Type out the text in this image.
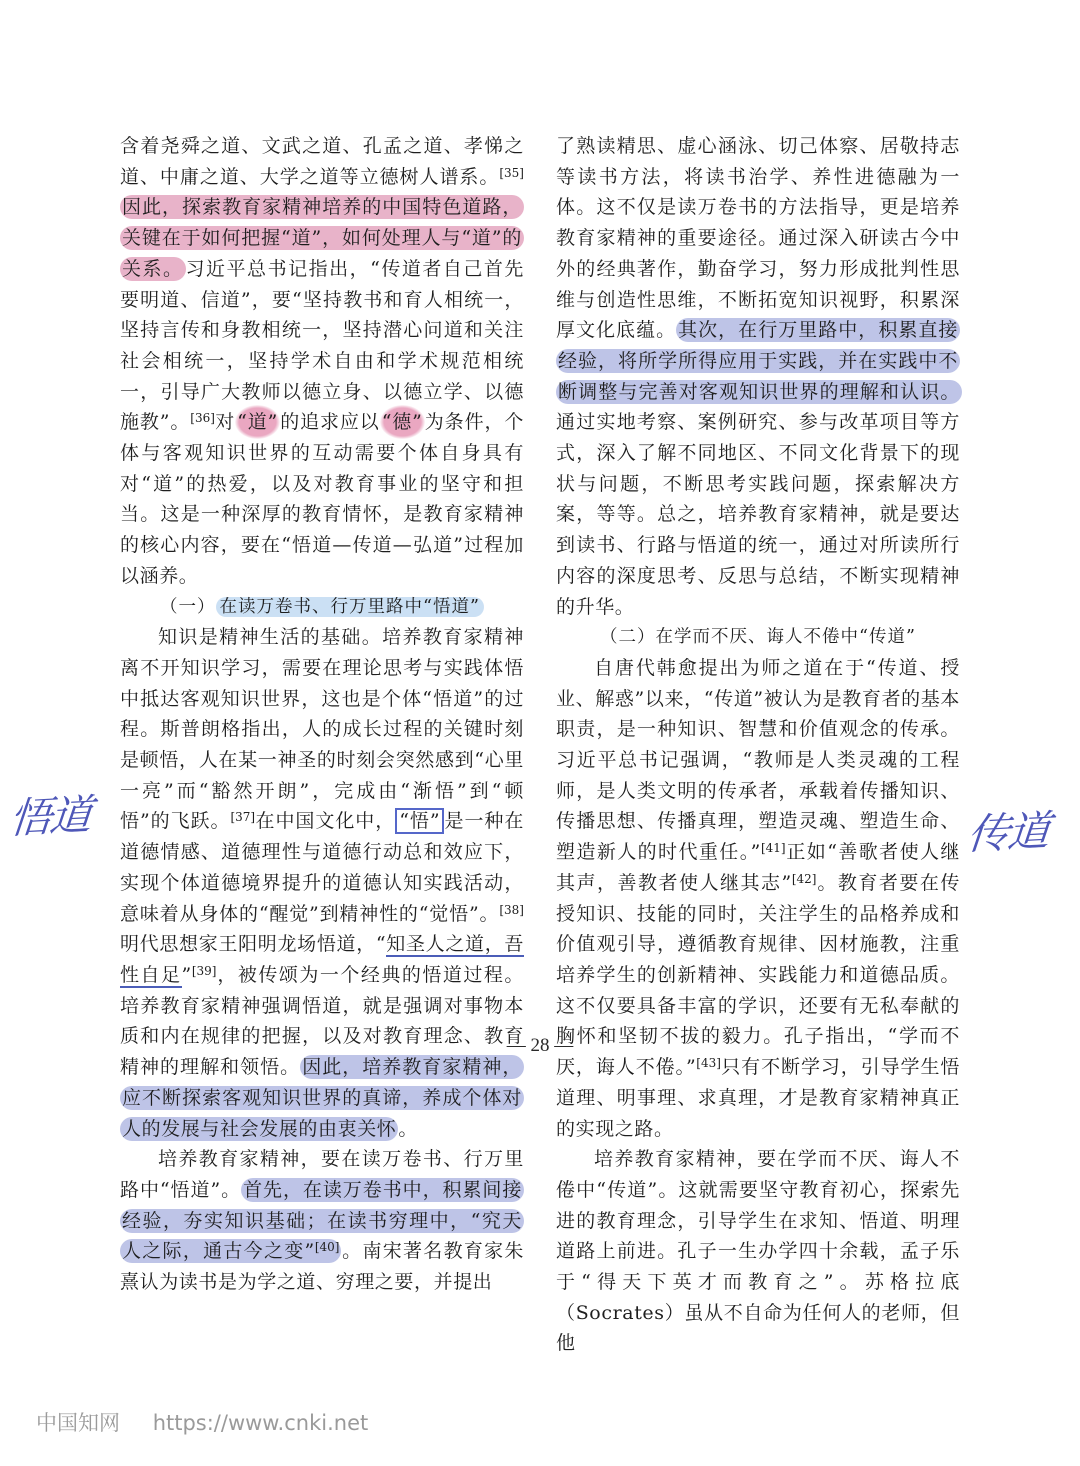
含着尧舜之道、文武之道、孔孟之道、孝悌之道、中庸之道、大学之道等立德树人谱系。[35]因此，探索教育家精神培养的中国特色道路，关键在于如何把握“道”，如何处理人与“道”的关系。 习近平总书记指出，“传道者自己首先要明道、信道”，要“坚持教书和育人相统一，坚持言传和身教相统一，坚持潜心问道和关注社会相统一，坚持学术自由和学术规范相统一，引导广大教师以德立身、以德立学、以德施教”。[36]对 “道” 的追求应以 “德” 为条件，个体与客观知识世界的互动需要个体自身具有对“道”的热爱，以及对教育事业的坚守和担当。这是一种深厚的教育情怀，是教育家精神的核心内容，要在“悟道—传道—弘道”过程加以涵养。

（一） 在读万卷书、行万里路中“悟道”

知识是精神生活的基础。培养教育家精神离不开知识学习，需要在理论思考与实践体悟中抵达客观知识世界，这也是个体“悟道”的过程。斯普朗格指出，人的成长过程的关键时刻是顿悟，人在某一神圣的时刻会突然感到“心里一亮”而“豁然开朗”，完成由“渐悟”到“顿悟”的飞跃。[37]在中国文化中， “悟” 是一种在道德情感、道德理性与道德行动总和效应下，实现个体道德境界提升的道德认知实践活动，意味着从身体的“醒觉”到精神性的“觉悟”。[38]明代思想家王阳明龙场悟道，“知圣人之道，吾性自足”[39]，被传颂为一个经典的悟道过程。培养教育家精神强调悟道，就是强调对事物本质和内在规律的把握，以及对教育理念、教育精神的理解和领悟。 因此，培养教育家精神，应不断探索客观知识世界的真谛，养成个体对人的发展与社会发展的由衷关怀 。

培养教育家精神，要在读万卷书、行万里路中“悟道”。 首先，在读万卷书中，积累间接经验，夯实知识基础；在读书穷理中，“究天人之际，通古今之变”[40] 。南宋著名教育家朱熹认为读书是为学之道、穷理之要，并提出

了熟读精思、虚心涵泳、切己体察、居敬持志等读书方法，将读书治学、养性进德融为一体。这不仅是读万卷书的方法指导，更是培养教育家精神的重要途径。通过深入研读古今中外的经典著作，勤奋学习，努力形成批判性思维与创造性思维，不断拓宽知识视野，积累深厚文化底蕴。 其次，在行万里路中，积累直接经验，将所学所得应用于实践，并在实践中不断调整与完善对客观知识世界的理解和认识。通过实地考察、案例研究、参与改革项目等方式，深入了解不同地区、不同文化背景下的现状与问题，不断思考实践问题，探索解决方案，等等。总之，培养教育家精神，就是要达到读书、行路与悟道的统一，通过对所读所行内容的深度思考、反思与总结，不断实现精神的升华。

（二）在学而不厌、诲人不倦中“传道”

自唐代韩愈提出为师之道在于“传道、授业、解惑”以来，“传道”被认为是教育者的基本职责，是一种知识、智慧和价值观念的传承。习近平总书记强调，“教师是人类灵魂的工程师，是人类文明的传承者，承载着传播知识、传播思想、传播真理，塑造灵魂、塑造生命、塑造新人的时代重任。”[41]正如“善歌者使人继其声，善教者使人继其志”[42]。教育者要在传授知识、技能的同时，关注学生的品格养成和价值观引导，遵循教育规律、因材施教，注重培养学生的创新精神、实践能力和道德品质。这不仅要具备丰富的学识，还要有无私奉献的胸怀和坚韧不拔的毅力。孔子指出，“学而不厌，诲人不倦。”[43]只有不断学习，引导学生悟道理、明事理、求真理，才是教育家精神真正的实现之路。

培养教育家精神，要在学而不厌、诲人不倦中“传道”。这就需要坚守教育初心，探索先进的教育理念，引导学生在求知、悟道、明理道路上前进。孔子一生办学四十余载，孟子乐于“得天下英才而教育之”。苏格拉底（Socrates）虽从不自命为任何人的老师，但他

悟道	传道
— 28 —
中国知网 https://www.cnki.net
